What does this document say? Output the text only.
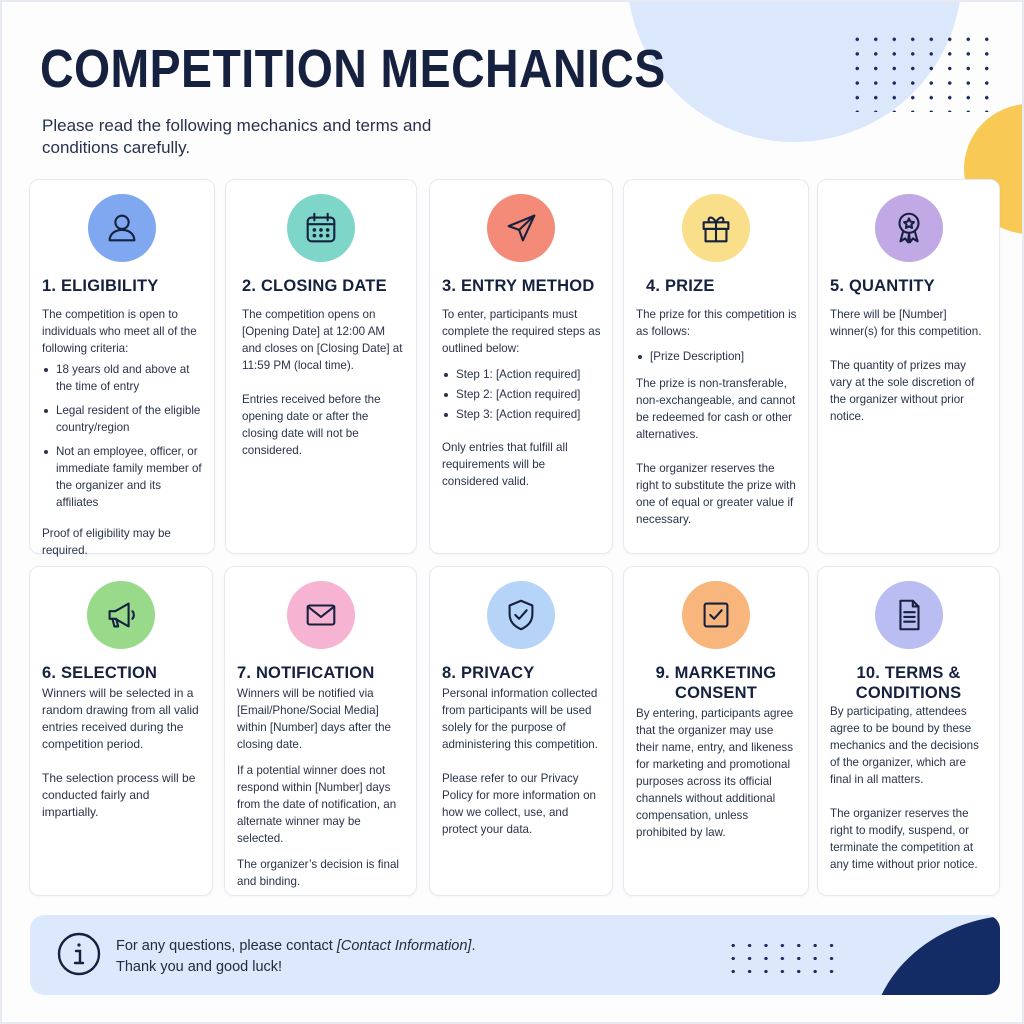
COMPETITION MECHANICS
Please read the following mechanics and terms and conditions carefully.
1. ELIGIBILITY

The competition is open to individuals who meet all of the following criteria:

18 years old and above at the time of entry
Legal resident of the eligible country/region
Not an employee, officer, or immediate family member of the organizer and its affiliates

Proof of eligibility may be required.

2. CLOSING DATE

The competition opens on [Opening Date] at 12:00 AM and closes on [Closing Date] at 11:59 PM (local time).

Entries received before the opening date or after the closing date will not be considered.

3. ENTRY METHOD

To enter, participants must complete the required steps as outlined below:

Step 1: [Action required]
Step 2: [Action required]
Step 3: [Action required]

Only entries that fulfill all requirements will be considered valid.

4. PRIZE

The prize for this competition is as follows:

[Prize Description]

The prize is non-transferable, non-exchangeable, and cannot be redeemed for cash or other alternatives.

The organizer reserves the right to substitute the prize with one of equal or greater value if necessary.

5. QUANTITY

There will be [Number] winner(s) for this competition.

The quantity of prizes may vary at the sole discretion of the organizer without prior notice.

6. SELECTION

Winners will be selected in a random drawing from all valid entries received during the competition period.

The selection process will be conducted fairly and impartially.

7. NOTIFICATION

Winners will be notified via [Email/Phone/Social Media] within [Number] days after the closing date.

If a potential winner does not respond within [Number] days from the date of notification, an alternate winner may be selected.

The organizer’s decision is final and binding.

8. PRIVACY

Personal information collected from participants will be used solely for the purpose of administering this competition.

Please refer to our Privacy Policy for more information on how we collect, use, and protect your data.

9. MARKETING CONSENT

By entering, participants agree that the organizer may use their name, entry, and likeness for marketing and promotional purposes across its official channels without additional compensation, unless prohibited by law.

10. TERMS & CONDITIONS

By participating, attendees agree to be bound by these mechanics and the decisions of the organizer, which are final in all matters.

The organizer reserves the right to modify, suspend, or terminate the competition at any time without prior notice.

For any questions, please contact [Contact Information].
Thank you and good luck!
